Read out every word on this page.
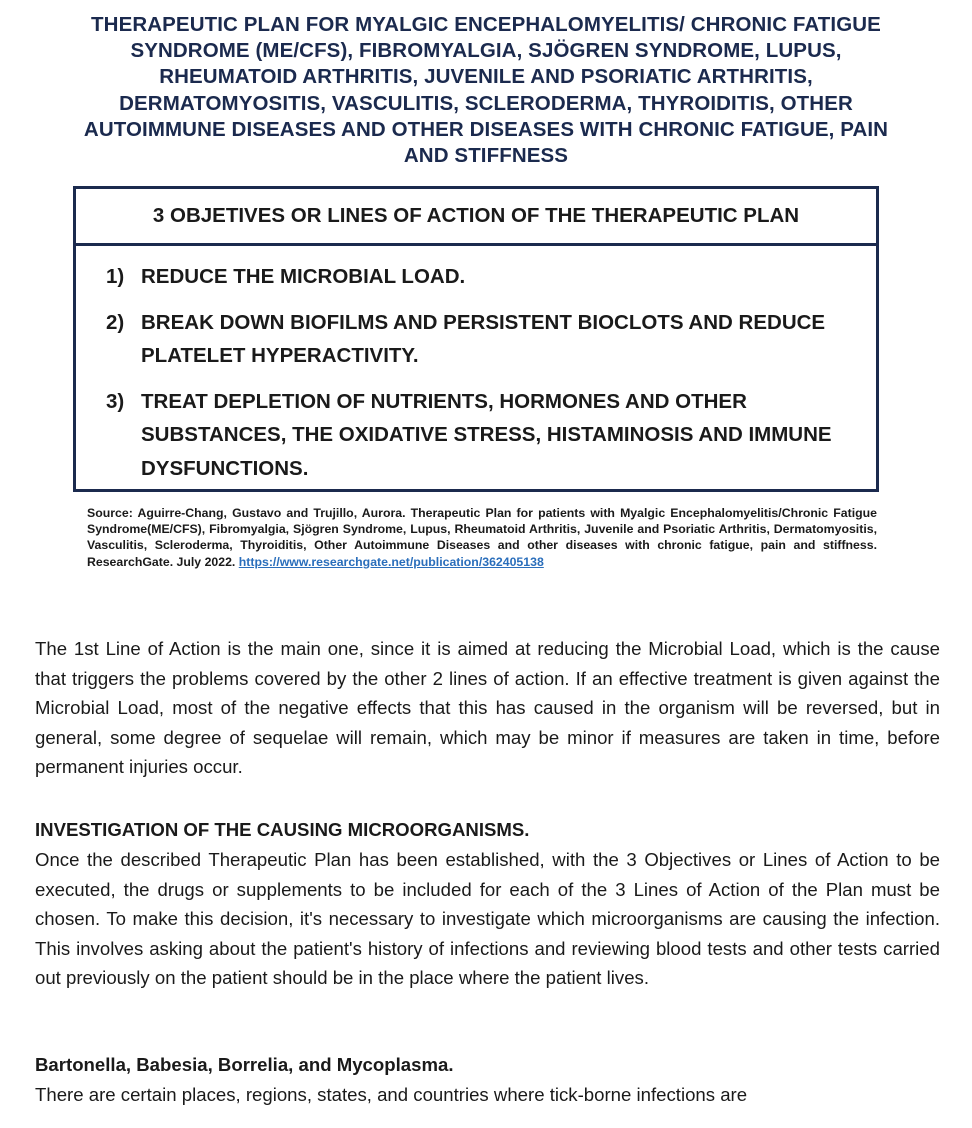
THERAPEUTIC PLAN FOR MYALGIC ENCEPHALOMYELITIS/ CHRONIC FATIGUE SYNDROME (ME/CFS), FIBROMYALGIA, SJÖGREN SYNDROME, LUPUS, RHEUMATOID ARTHRITIS, JUVENILE AND PSORIATIC ARTHRITIS, DERMATOMYOSITIS, VASCULITIS, SCLERODERMA, THYROIDITIS, OTHER AUTOIMMUNE DISEASES AND OTHER DISEASES WITH CHRONIC FATIGUE, PAIN AND STIFFNESS
3 OBJETIVES OR LINES OF ACTION OF THE THERAPEUTIC PLAN
1) REDUCE THE MICROBIAL LOAD.
2) BREAK DOWN BIOFILMS AND PERSISTENT BIOCLOTS AND REDUCE PLATELET HYPERACTIVITY.
3) TREAT DEPLETION OF NUTRIENTS, HORMONES AND OTHER SUBSTANCES, THE OXIDATIVE STRESS, HISTAMINOSIS AND IMMUNE DYSFUNCTIONS.
Source: Aguirre-Chang, Gustavo and Trujillo, Aurora. Therapeutic Plan for patients with Myalgic Encephalomyelitis/Chronic Fatigue Syndrome(ME/CFS), Fibromyalgia, Sjögren Syndrome, Lupus, Rheumatoid Arthritis, Juvenile and Psoriatic Arthritis, Dermatomyositis, Vasculitis, Scleroderma, Thyroiditis, Other Autoimmune Diseases and other diseases with chronic fatigue, pain and stiffness. ResearchGate. July 2022. https://www.researchgate.net/publication/362405138

The 1st Line of Action is the main one, since it is aimed at reducing the Microbial Load, which is the cause that triggers the problems covered by the other 2 lines of action. If an effective treatment is given against the Microbial Load, most of the negative effects that this has caused in the organism will be reversed, but in general, some degree of sequelae will remain, which may be minor if measures are taken in time, before permanent injuries occur.

INVESTIGATION OF THE CAUSING MICROORGANISMS.

Once the described Therapeutic Plan has been established, with the 3 Objectives or Lines of Action to be executed, the drugs or supplements to be included for each of the 3 Lines of Action of the Plan must be chosen. To make this decision, it's necessary to investigate which microorganisms are causing the infection. This involves asking about the patient's history of infections and reviewing blood tests and other tests carried out previously on the patient should be in the place where the patient lives.

Bartonella, Babesia, Borrelia, and Mycoplasma.

There are certain places, regions, states, and countries where tick-borne infections are
